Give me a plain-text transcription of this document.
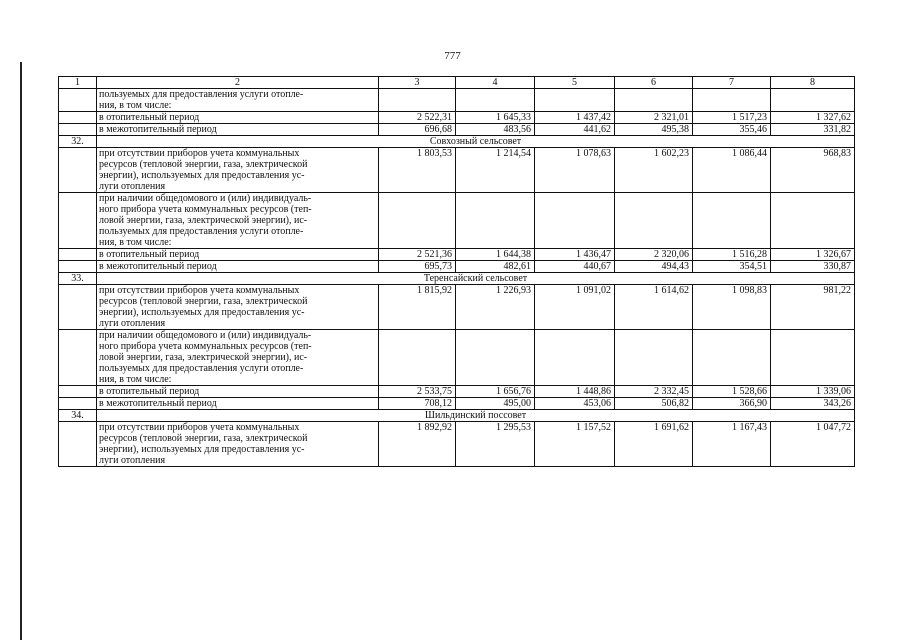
777
1	2	3	4	5	6	7	8
	пользуемых для предоставления услуги отопле-
ния, в том числе:						
	в отопительный период	2 522,31	1 645,33	1 437,42	2 321,01	1 517,23	1 327,62
	в межотопительный период	696,68	483,56	441,62	495,38	355,46	331,82
32.	Совхозный сельсовет						
	при отсутствии приборов учета коммунальных
ресурсов (тепловой энергии, газа, электрической
энергии), используемых для предоставления ус-
луги отопления	1 803,53	1 214,54	1 078,63	1 602,23	1 086,44	968,83
	при наличии общедомового и (или) индивидуаль-
ного прибора учета коммунальных ресурсов (теп-
ловой энергии, газа, электрической энергии), ис-
пользуемых для предоставления услуги отопле-
ния, в том числе:						
	в отопительный период	2 521,36	1 644,38	1 436,47	2 320,06	1 516,28	1 326,67
	в межотопительный период	695,73	482,61	440,67	494,43	354,51	330,87
33.	Теренсайский сельсовет						
	при отсутствии приборов учета коммунальных
ресурсов (тепловой энергии, газа, электрической
энергии), используемых для предоставления ус-
луги отопления	1 815,92	1 226,93	1 091,02	1 614,62	1 098,83	981,22
	при наличии общедомового и (или) индивидуаль-
ного прибора учета коммунальных ресурсов (теп-
ловой энергии, газа, электрической энергии), ис-
пользуемых для предоставления услуги отопле-
ния, в том числе:						
	в отопительный период	2 533,75	1 656,76	1 448,86	2 332,45	1 528,66	1 339,06
	в межотопительный период	708,12	495,00	453,06	506,82	366,90	343,26
34.	Шильдинский поссовет						
	при отсутствии приборов учета коммунальных
ресурсов (тепловой энергии, газа, электрической
энергии), используемых для предоставления ус-
луги отопления	1 892,92	1 295,53	1 157,52	1 691,62	1 167,43	1 047,72
